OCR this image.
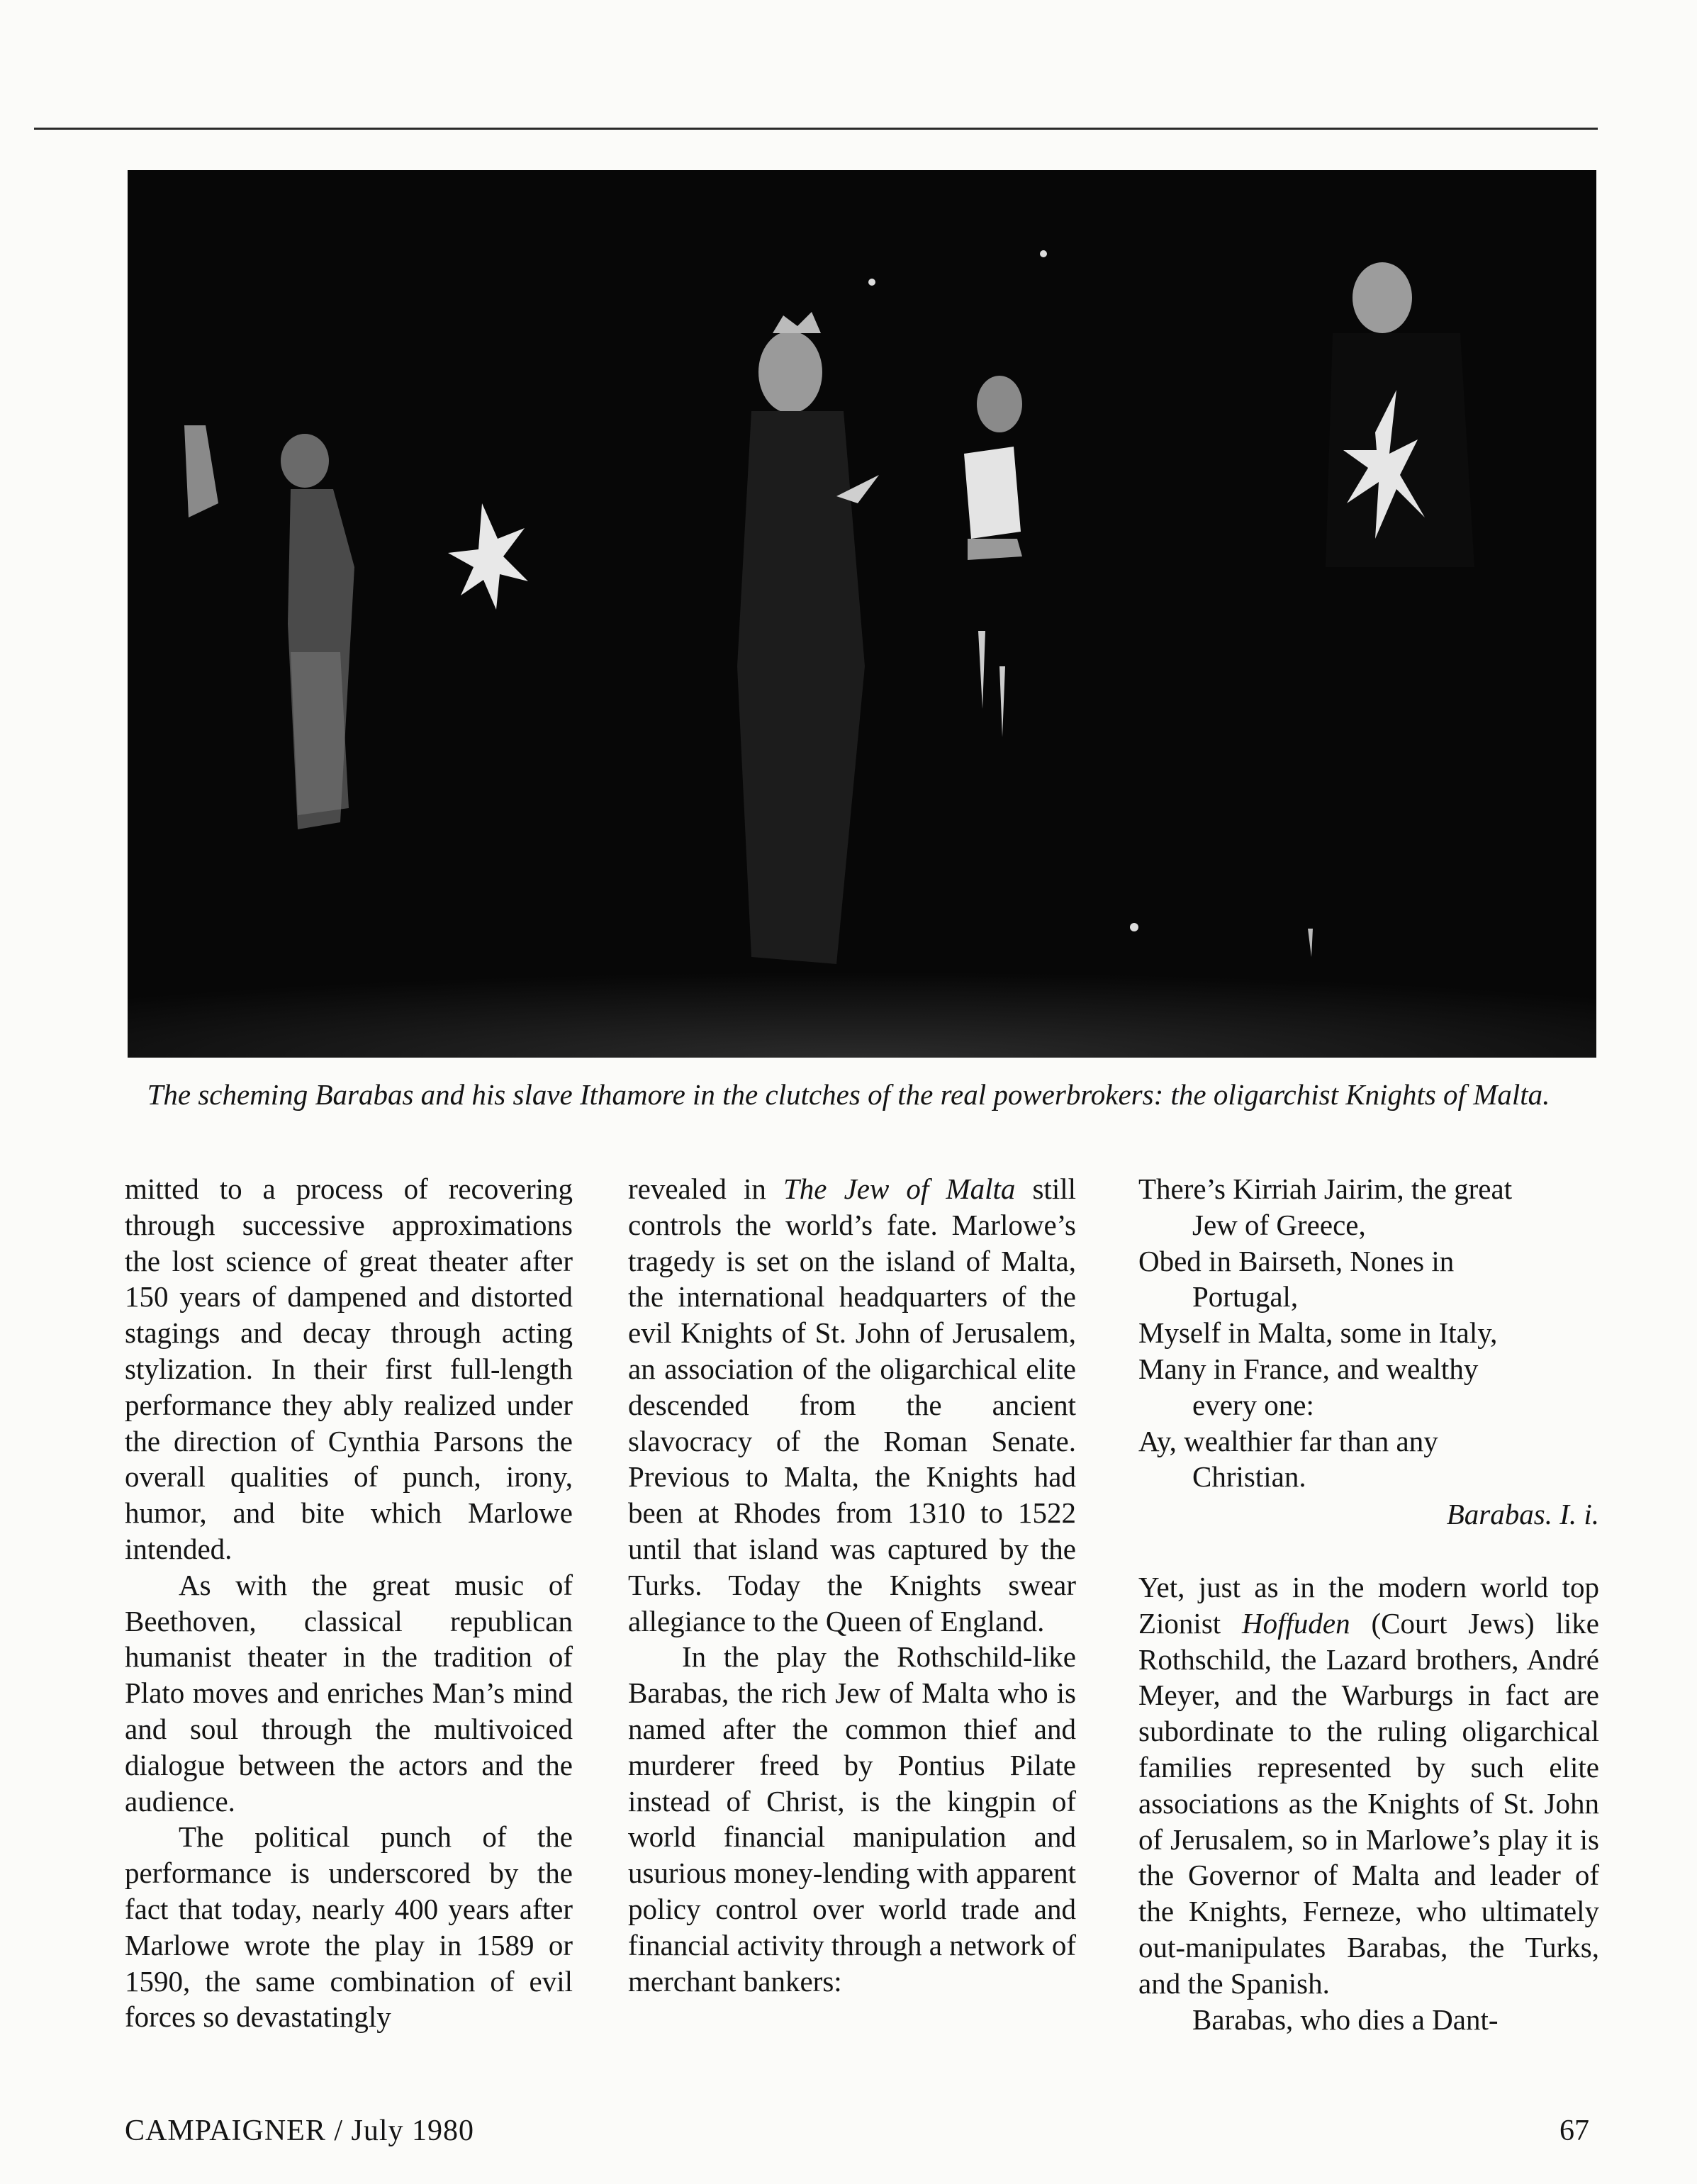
The scheming Barabas and his slave Ithamore in the clutches of the real powerbrokers: the oligarchist Knights of Malta.

mitted to a process of recovering through successive approximations the lost science of great theater after 150 years of dampened and distorted stagings and decay through acting stylization. In their first full-length performance they ably realized under the direction of Cynthia Parsons the overall qualities of punch, irony, humor, and bite which Marlowe intended.

As with the great music of Beethoven, classical republican humanist theater in the tradition of Plato moves and enriches Man’s mind and soul through the multivoiced dialogue between the actors and the audience.

The political punch of the performance is underscored by the fact that today, nearly 400 years after Marlowe wrote the play in 1589 or 1590, the same combination of evil forces so devastatingly

revealed in The Jew of Malta still controls the world’s fate. Marlowe’s tragedy is set on the island of Malta, the international headquarters of the evil Knights of St. John of Jerusalem, an association of the oligarchical elite descended from the ancient slavocracy of the Roman Senate. Previous to Malta, the Knights had been at Rhodes from 1310 to 1522 until that island was captured by the Turks. Today the Knights swear allegiance to the Queen of England.

In the play the Rothschild-like Barabas, the rich Jew of Malta who is named after the common thief and murderer freed by Pontius Pilate instead of Christ, is the kingpin of world financial manipulation and usurious money-lending with apparent policy control over world trade and financial activity through a network of merchant bankers:

There’s Kirriah Jairim, the great
Jew of Greece,
Obed in Bairseth, Nones in
Portugal,
Myself in Malta, some in Italy,
Many in France, and wealthy
every one:
Ay, wealthier far than any
Christian.
Barabas. I. i.

Yet, just as in the modern world top Zionist Hoffuden (Court Jews) like Rothschild, the Lazard brothers, André Meyer, and the Warburgs in fact are subordinate to the ruling oligarchical families represented by such elite associations as the Knights of St. John of Jerusalem, so in Marlowe’s play it is the Governor of Malta and leader of the Knights, Ferneze, who ultimately out-manipulates Barabas, the Turks, and the Spanish.

Barabas, who dies a Dant-

CAMPAIGNER / July 1980	67
